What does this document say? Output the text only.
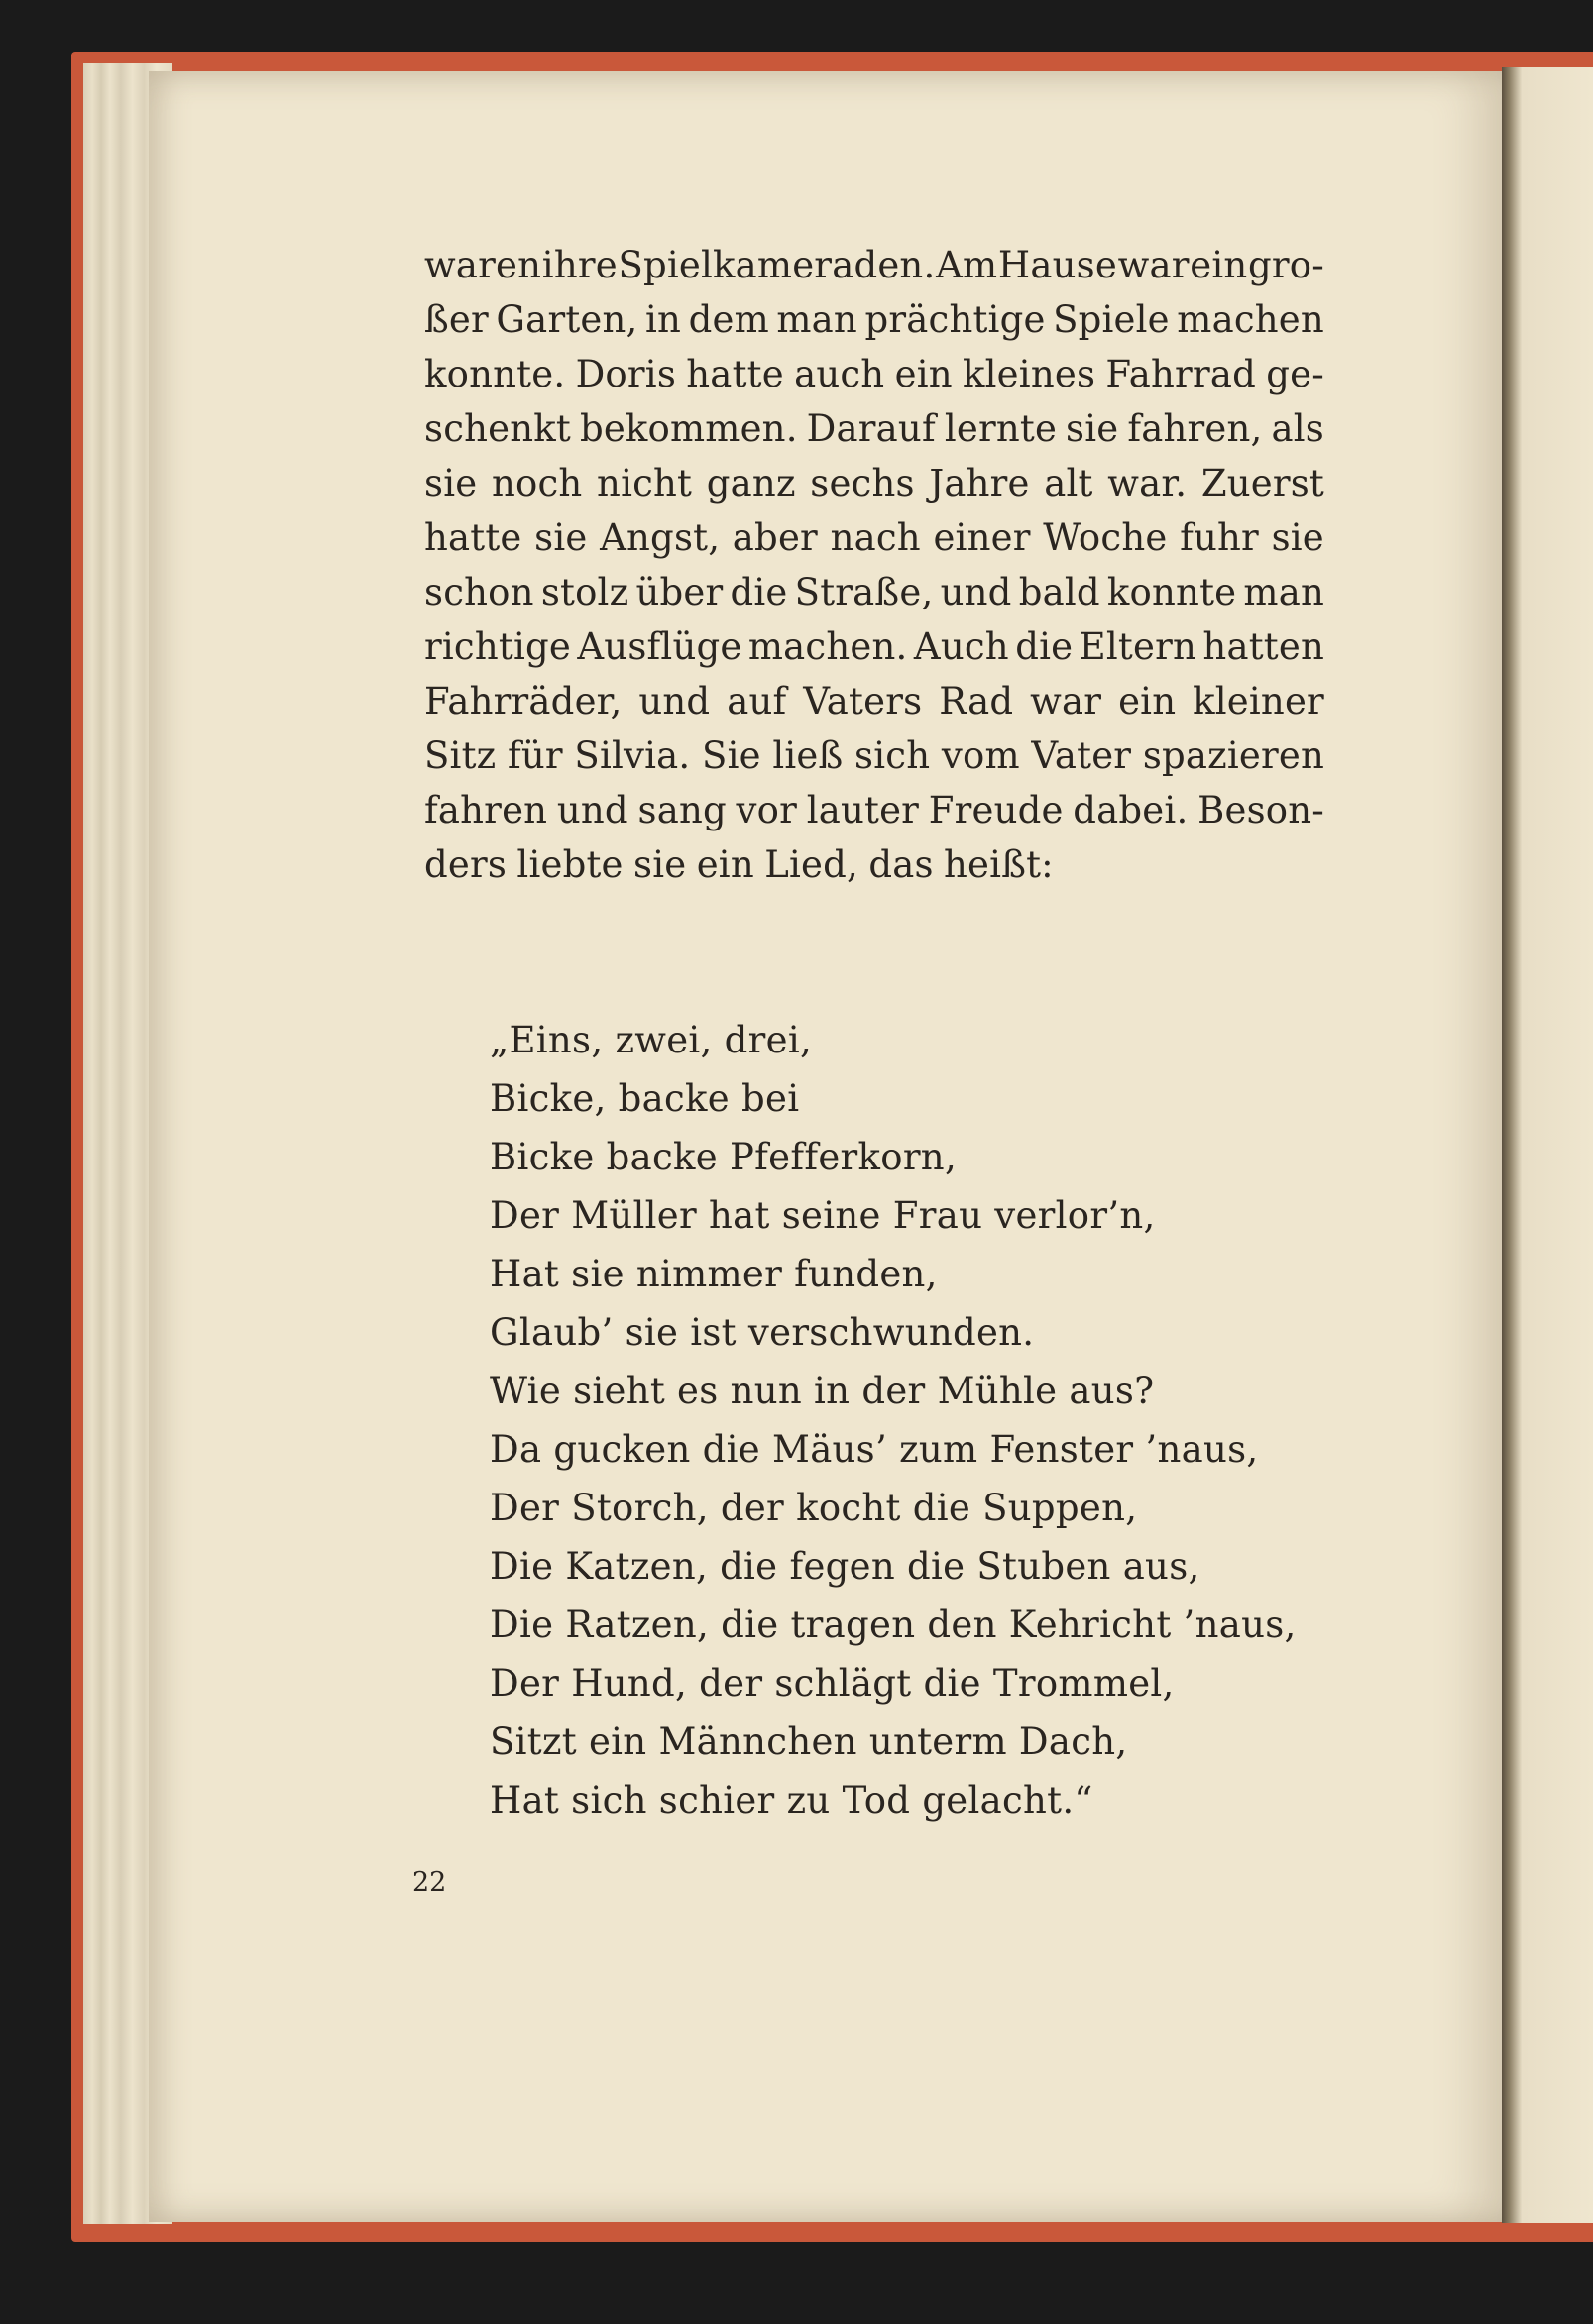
waren ihre Spielkameraden. Am Hause war ein gro-
ßer Garten, in dem man prächtige Spiele machen
konnte. Doris hatte auch ein kleines Fahrrad ge-
schenkt bekommen. Darauf lernte sie fahren, als
sie noch nicht ganz sechs Jahre alt war. Zuerst
hatte sie Angst, aber nach einer Woche fuhr sie
schon stolz über die Straße, und bald konnte man
richtige Ausflüge machen. Auch die Eltern hatten
Fahrräder, und auf Vaters Rad war ein kleiner
Sitz für Silvia. Sie ließ sich vom Vater spazieren
fahren und sang vor lauter Freude dabei. Beson-
ders liebte sie ein Lied, das heißt:
„Eins, zwei, drei,
Bicke, backe bei
Bicke backe Pfefferkorn,
Der Müller hat seine Frau verlor’n,
Hat sie nimmer funden,
Glaub’ sie ist verschwunden.
Wie sieht es nun in der Mühle aus?
Da gucken die Mäus’ zum Fenster ’naus,
Der Storch, der kocht die Suppen,
Die Katzen, die fegen die Stuben aus,
Die Ratzen, die tragen den Kehricht ’naus,
Der Hund, der schlägt die Trommel,
Sitzt ein Männchen unterm Dach,
Hat sich schier zu Tod gelacht.“
22
